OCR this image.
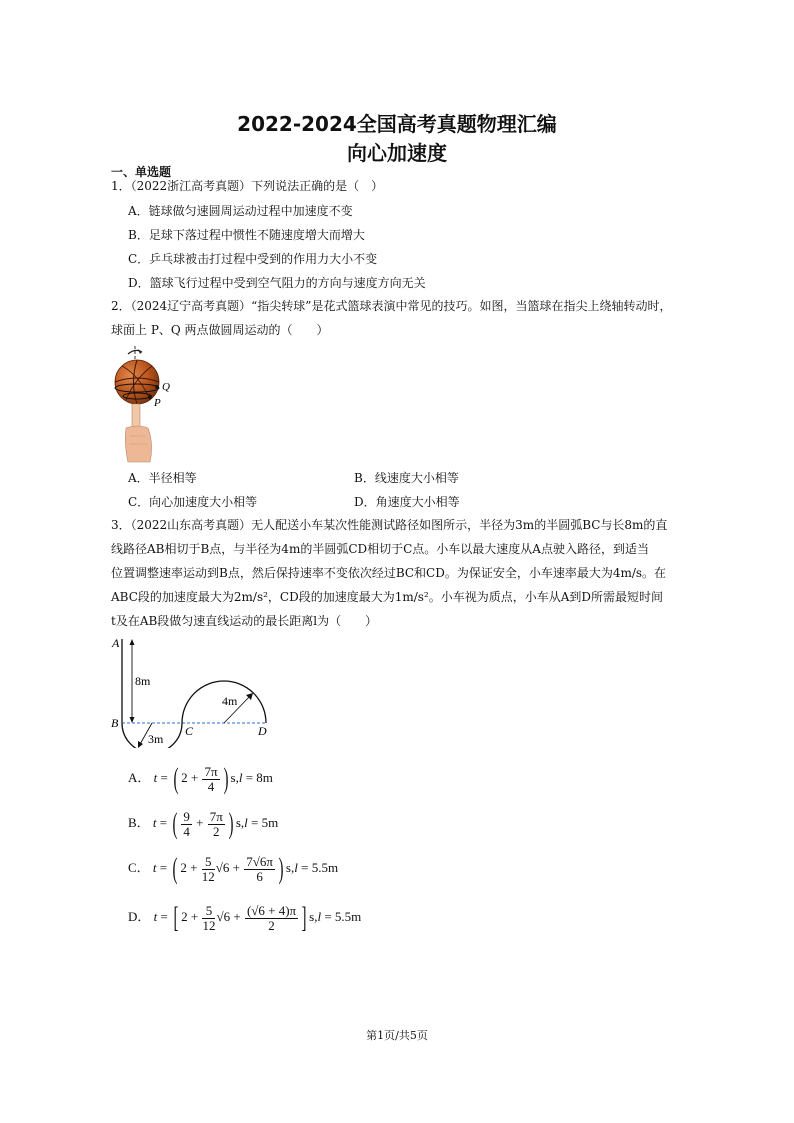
2022-2024全国高考真题物理汇编
向心加速度
一、单选题
1．（2022浙江高考真题）下列说法正确的是（　）
A．链球做匀速圆周运动过程中加速度不变
B．足球下落过程中惯性不随速度增大而增大
C．乒乓球被击打过程中受到的作用力大小不变
D．篮球飞行过程中受到空气阻力的方向与速度方向无关
2．（2024辽宁高考真题）“指尖转球”是花式篮球表演中常见的技巧。如图，当篮球在指尖上绕轴转动时，
球面上 P、Q 两点做圆周运动的（　　）
Q
P
A．半径相等	B．线速度大小相等
C．向心加速度大小相等	D．角速度大小相等
3．（2022山东高考真题）无人配送小车某次性能测试路径如图所示，半径为3m的半圆弧BC与长8m的直
线路径AB相切于B点，与半径为4m的半圆弧CD相切于C点。小车以最大速度从A点驶入路径，到适当
位置调整速率运动到B点，然后保持速率不变依次经过BC和CD。为保证安全，小车速率最大为4m/s。在
ABC段的加速度最大为2m/s²，CD段的加速度最大为1m/s²。小车视为质点，小车从A到D所需最短时间
t及在AB段做匀速直线运动的最长距离l为（　　）
8m
3m
4m
A
B
C	D
A． t = ( $2 + \frac{7\pi}{4}$ ) s,l = 8m
B． t = ( $\frac{9}{4} + \frac{7\pi}{2}$ ) s,l = 5m
C． t = ( $2 + \frac{5}{12} √6 + \frac{7√6\pi}{6}$ ) s,l = 5.5m
D． t = [ $2 + \frac{5}{12} √6 + \frac{(√6 + 4)\pi}{2}$ ] s,l = 5.5m
第1页/共5页
